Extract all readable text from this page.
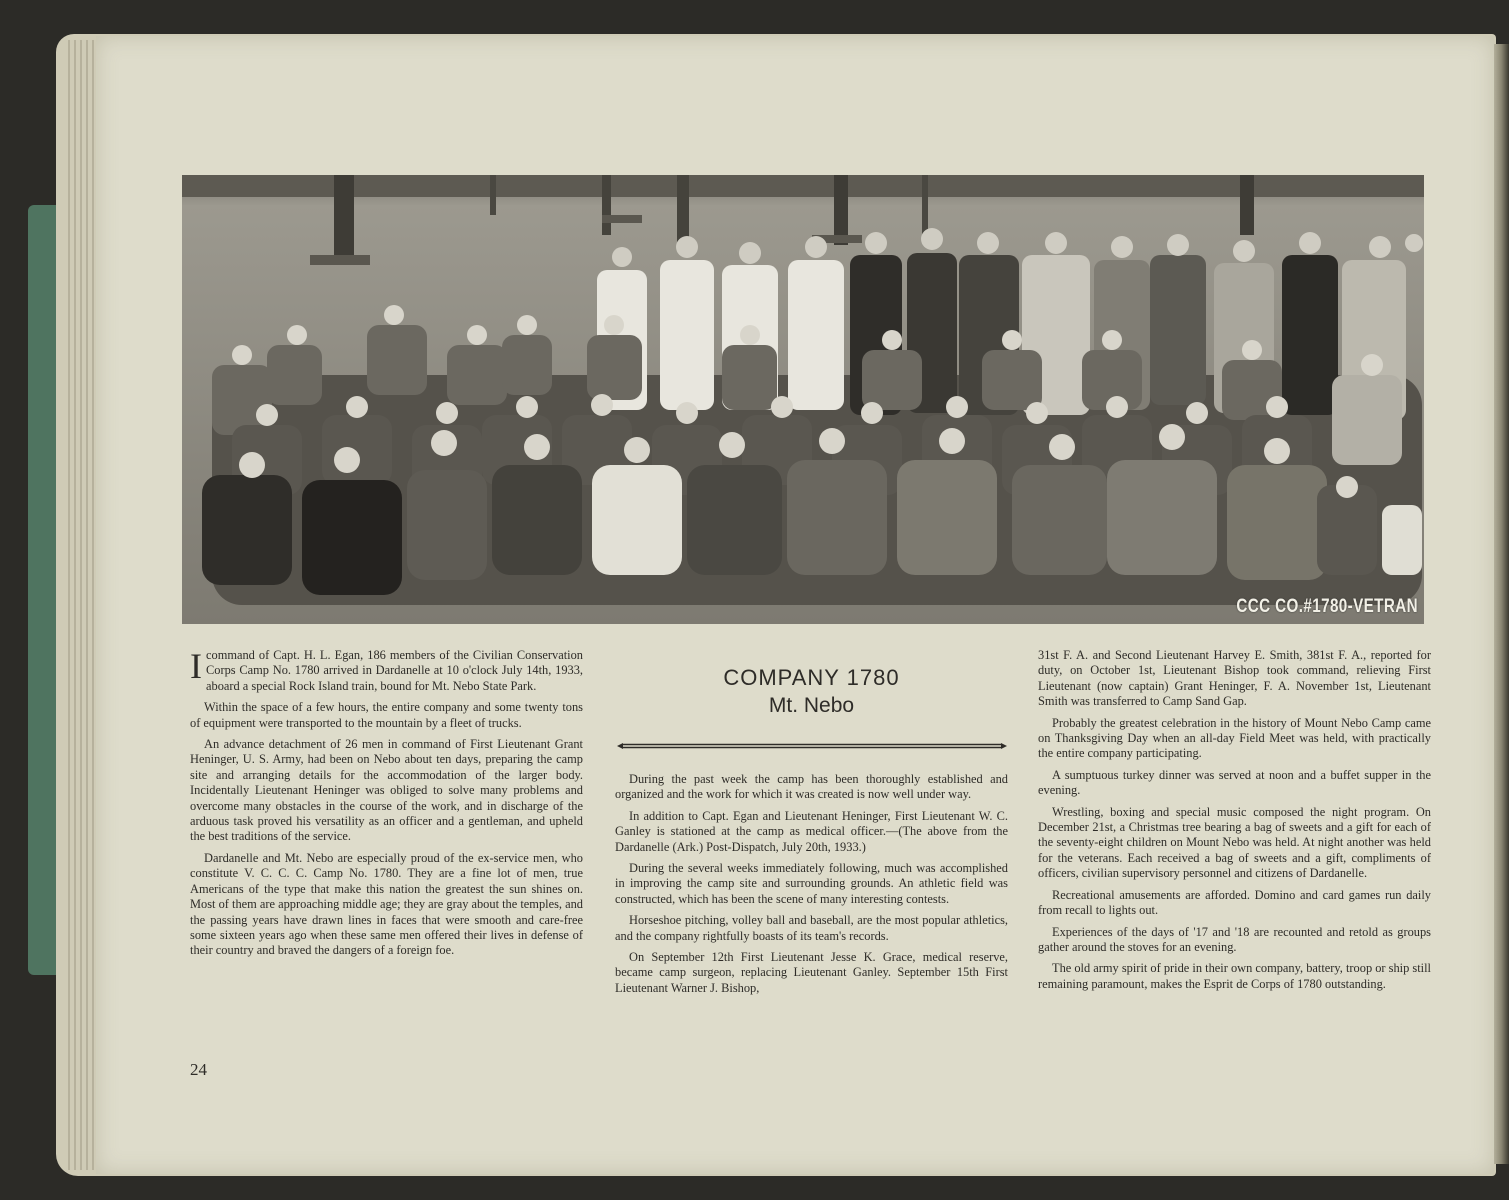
CCC CO.#1780-VETRAN

Icommand of Capt. H. L. Egan, 186 members of the Civilian Conservation Corps Camp No. 1780 arrived in Dardanelle at 10 o'clock July 14th, 1933, aboard a special Rock Island train, bound for Mt. Nebo State Park.

Within the space of a few hours, the entire company and some twenty tons of equipment were transported to the mountain by a fleet of trucks.

An advance detachment of 26 men in command of First Lieutenant Grant Heninger, U. S. Army, had been on Nebo about ten days, preparing the camp site and arranging details for the accommodation of the larger body. Incidentally Lieutenant Heninger was obliged to solve many problems and overcome many obstacles in the course of the work, and in discharge of the arduous task proved his versatility as an officer and a gentleman, and upheld the best traditions of the service.

Dardanelle and Mt. Nebo are especially proud of the ex-service men, who constitute V. C. C. C. Camp No. 1780. They are a fine lot of men, true Americans of the type that make this nation the greatest the sun shines on. Most of them are approaching middle age; they are gray about the temples, and the passing years have drawn lines in faces that were smooth and care-free some sixteen years ago when these same men offered their lives in defense of their country and braved the dangers of a foreign foe.

COMPANY 1780
Mt. Nebo

During the past week the camp has been thoroughly established and organized and the work for which it was created is now well under way.

In addition to Capt. Egan and Lieutenant Heninger, First Lieutenant W. C. Ganley is stationed at the camp as medical officer.—(The above from the Dardanelle (Ark.) Post-Dispatch, July 20th, 1933.)

During the several weeks immediately following, much was accomplished in improving the camp site and surrounding grounds. An athletic field was constructed, which has been the scene of many interesting contests.

Horseshoe pitching, volley ball and baseball, are the most popular athletics, and the company rightfully boasts of its team's records.

On September 12th First Lieutenant Jesse K. Grace, medical reserve, became camp surgeon, replacing Lieutenant Ganley. September 15th First Lieutenant Warner J. Bishop,

31st F. A. and Second Lieutenant Harvey E. Smith, 381st F. A., reported for duty, on October 1st, Lieutenant Bishop took command, relieving First Lieutenant (now captain) Grant Heninger, F. A. November 1st, Lieutenant Smith was transferred to Camp Sand Gap.

Probably the greatest celebration in the history of Mount Nebo Camp came on Thanksgiving Day when an all-day Field Meet was held, with practically the entire company participating.

A sumptuous turkey dinner was served at noon and a buffet supper in the evening.

Wrestling, boxing and special music composed the night program. On December 21st, a Christmas tree bearing a bag of sweets and a gift for each of the seventy-eight children on Mount Nebo was held. At night another was held for the veterans. Each received a bag of sweets and a gift, compliments of officers, civilian supervisory personnel and citizens of Dardanelle.

Recreational amusements are afforded. Domino and card games run daily from recall to lights out.

Experiences of the days of '17 and '18 are recounted and retold as groups gather around the stoves for an evening.

The old army spirit of pride in their own company, battery, troop or ship still remaining paramount, makes the Esprit de Corps of 1780 outstanding.

24
